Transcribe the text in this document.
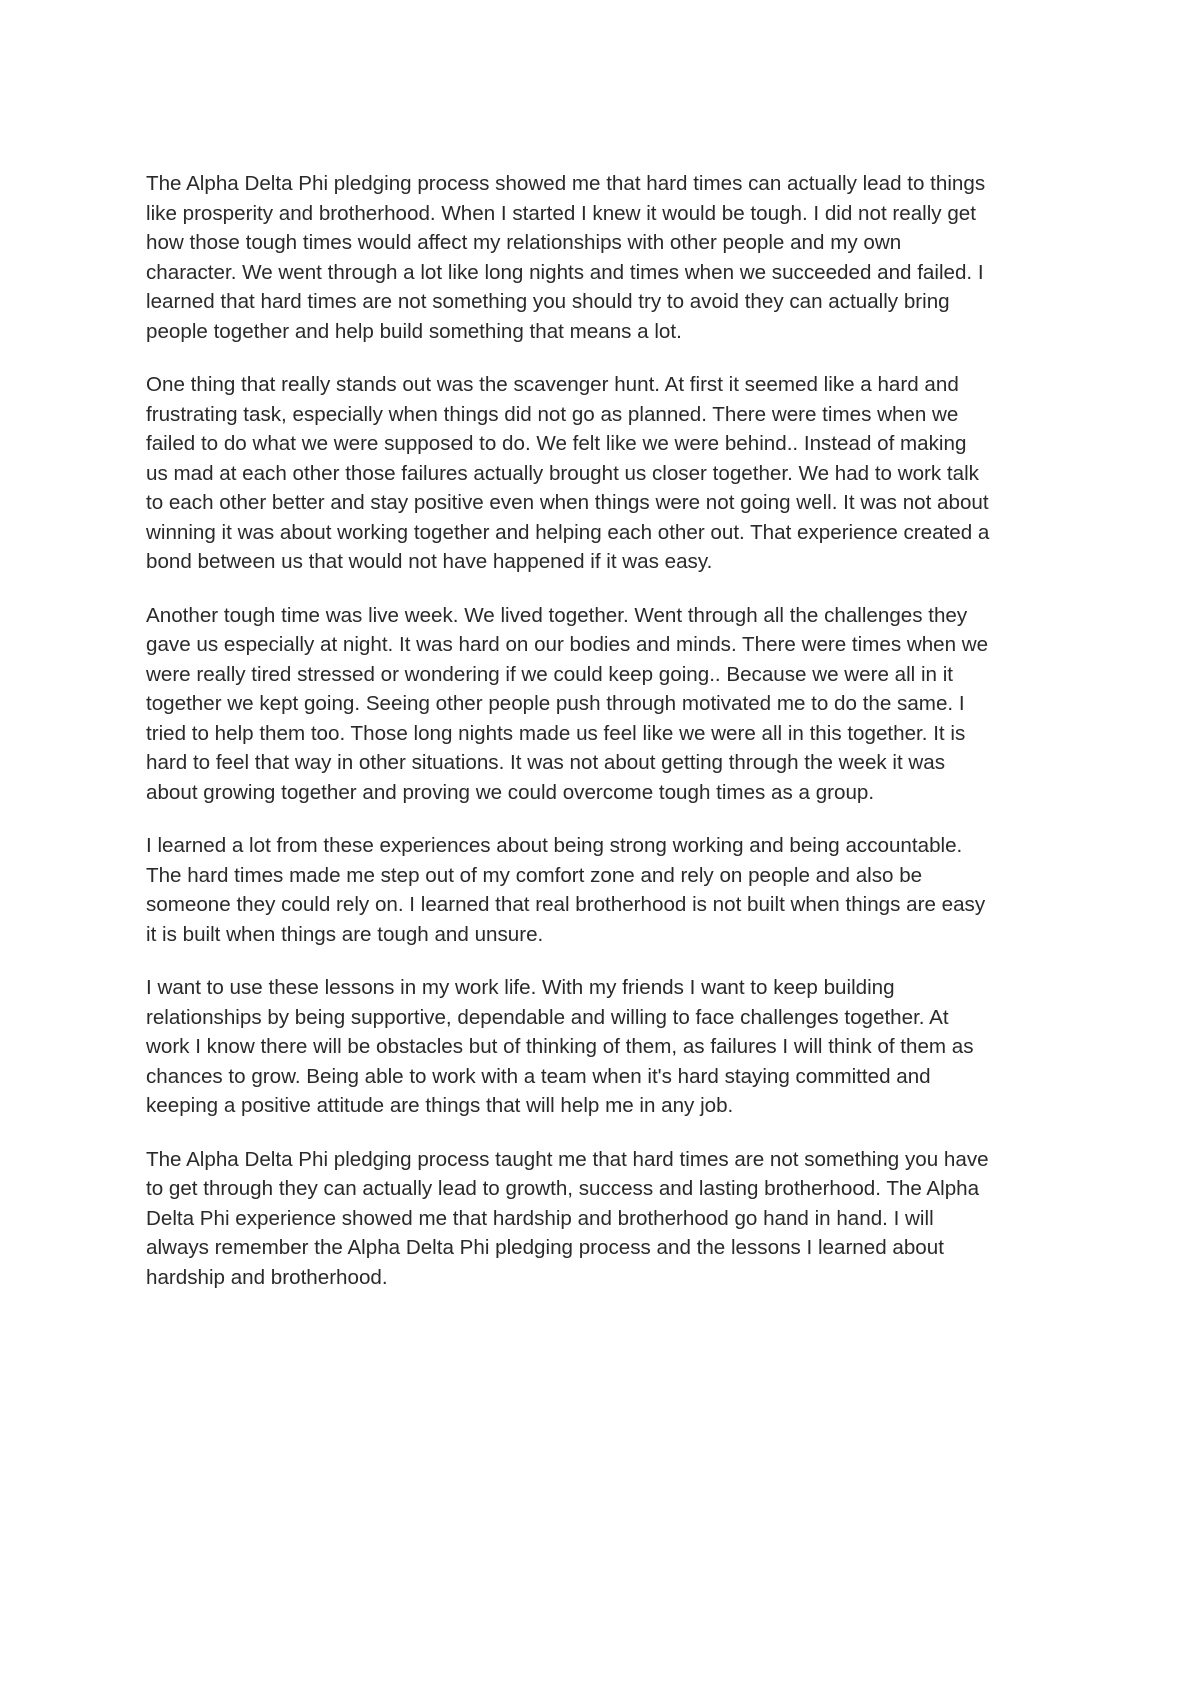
The Alpha Delta Phi pledging process showed me that hard times can actually lead to things
like prosperity and brotherhood. When I started I knew it would be tough. I did not really get
how those tough times would affect my relationships with other people and my own
character. We went through a lot like long nights and times when we succeeded and failed. I
learned that hard times are not something you should try to avoid they can actually bring
people together and help build something that means a lot.

One thing that really stands out was the scavenger hunt. At first it seemed like a hard and
frustrating task, especially when things did not go as planned. There were times when we
failed to do what we were supposed to do. We felt like we were behind.. Instead of making
us mad at each other those failures actually brought us closer together. We had to work talk
to each other better and stay positive even when things were not going well. It was not about
winning it was about working together and helping each other out. That experience created a
bond between us that would not have happened if it was easy.

Another tough time was live week. We lived together. Went through all the challenges they
gave us especially at night. It was hard on our bodies and minds. There were times when we
were really tired stressed or wondering if we could keep going.. Because we were all in it
together we kept going. Seeing other people push through motivated me to do the same. I
tried to help them too. Those long nights made us feel like we were all in this together. It is
hard to feel that way in other situations. It was not about getting through the week it was
about growing together and proving we could overcome tough times as a group.

I learned a lot from these experiences about being strong working and being accountable.
The hard times made me step out of my comfort zone and rely on people and also be
someone they could rely on. I learned that real brotherhood is not built when things are easy
it is built when things are tough and unsure.

I want to use these lessons in my work life. With my friends I want to keep building
relationships by being supportive, dependable and willing to face challenges together. At
work I know there will be obstacles but of thinking of them, as failures I will think of them as
chances to grow. Being able to work with a team when it's hard staying committed and
keeping a positive attitude are things that will help me in any job.

The Alpha Delta Phi pledging process taught me that hard times are not something you have
to get through they can actually lead to growth, success and lasting brotherhood. The Alpha
Delta Phi experience showed me that hardship and brotherhood go hand in hand. I will
always remember the Alpha Delta Phi pledging process and the lessons I learned about
hardship and brotherhood.
